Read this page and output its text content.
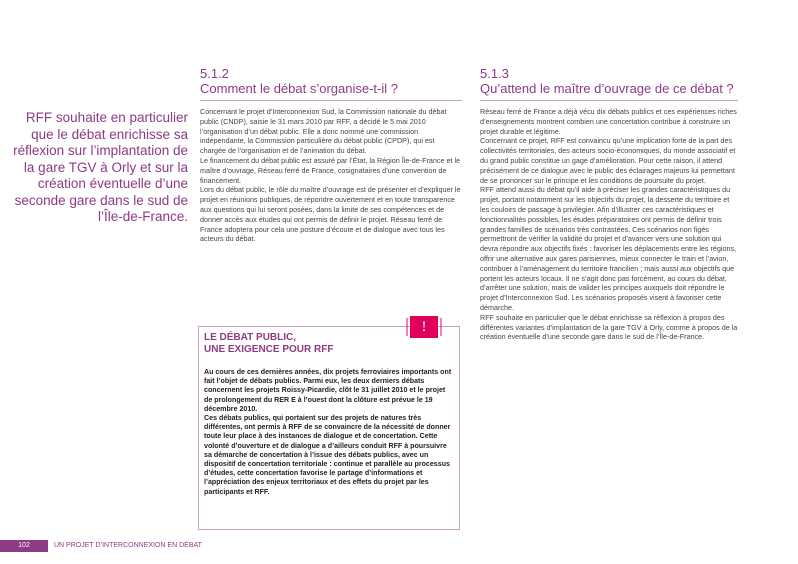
RFF souhaite en particulier que le débat enrichisse sa réflexion sur l’implantation de la gare TGV à Orly et sur la création éventuelle d’une seconde gare dans le sud de l’Île-de-France.
5.1.2
Comment le débat s’organise-t-il ?

Concernant le projet d’Interconnexion Sud, la Commission nationale du débat public (CNDP), saisie le 31 mars 2010 par RFF, a décidé le 5 mai 2010 l’organisation d’un débat public. Elle a donc nommé une commission indépendante, la Commission particulière du débat public (CPDP), qui est chargée de l’organisation et de l’animation du débat.

Le financement du débat public est assuré par l’État, la Région Île-de-France et le maître d’ouvrage, Réseau ferré de France, cosignataires d’une convention de financement.

Lors du débat public, le rôle du maître d’ouvrage est de présenter et d’expliquer le projet en réunions publiques, de répondre ouvertement et en toute transparence aux questions qui lui seront posées, dans la limite de ses compétences et de donner accès aux études qui ont permis de définir le projet. Réseau ferré de France adoptera pour cela une posture d’écoute et de dialogue avec tous les acteurs du débat.

5.1.3
Qu’attend le maître d’ouvrage de ce débat ?

Réseau ferré de France a déjà vécu dix débats publics et ces expériences riches d’enseignements montrent combien une concertation contribue à construire un projet durable et légitime.

Concernant ce projet, RFF est convaincu qu’une implication forte de la part des collectivités territoriales, des acteurs socio-économiques, du monde associatif et du grand public constitue un gage d’amélioration. Pour cette raison, il attend précisément de ce dialogue avec le public des éclairages majeurs lui permettant de se prononcer sur le principe et les conditions de poursuite du projet.

RFF attend aussi du débat qu’il aide à préciser les grandes caractéristiques du projet, portant notamment sur les objectifs du projet, la desserte du territoire et les couloirs de passage à privilégier. Afin d’illustrer ces caractéristiques et fonctionnalités possibles, les études préparatoires ont permis de définir trois grandes familles de scénarios très contrastées. Ces scénarios non figés permettront de vérifier la validité du projet et d’avancer vers une solution qui devra répondre aux objectifs fixés : favoriser les déplacements entre les régions, offrir une alternative aux gares parisiennes, mieux connecter le train et l’avion, contribuer à l’aménagement du territoire francilien ; mais aussi aux objectifs que portent les acteurs locaux. Il ne s’agit donc pas forcément, au cours du débat, d’arrêter une solution, mais de valider les principes auxquels doit répondre le projet d’Interconnexion Sud. Les scénarios proposés visent à favoriser cette démarche.

RFF souhaite en particulier que le débat enrichisse sa réflexion à propos des différentes variantes d’implantation de la gare TGV à Orly, comme à propos de la création éventuelle d’une seconde gare dans le sud de l’Île-de-France.

!
LE DÉBAT PUBLIC,
UNE EXIGENCE POUR RFF

Au cours de ces dernières années, dix projets ferroviaires importants ont fait l’objet de débats publics. Parmi eux, les deux derniers débats concernent les projets Roissy-Picardie, clôt le 31 juillet 2010 et le projet de prolongement du RER E à l’ouest dont la clôture est prévue le 19 décembre 2010.

Ces débats publics, qui portaient sur des projets de natures très différentes, ont permis à RFF de se convaincre de la nécessité de donner toute leur place à des instances de dialogue et de concertation. Cette volonté d’ouverture et de dialogue a d’ailleurs conduit RFF à poursuivre sa démarche de concertation à l’issue des débats publics, avec un dispositif de concertation territoriale : continue et parallèle au processus d’études, cette concertation favorise le partage d’informations et l’appréciation des enjeux territoriaux et des effets du projet par les participants et RFF.

102	UN PROJET D’INTERCONNEXION EN DÉBAT
